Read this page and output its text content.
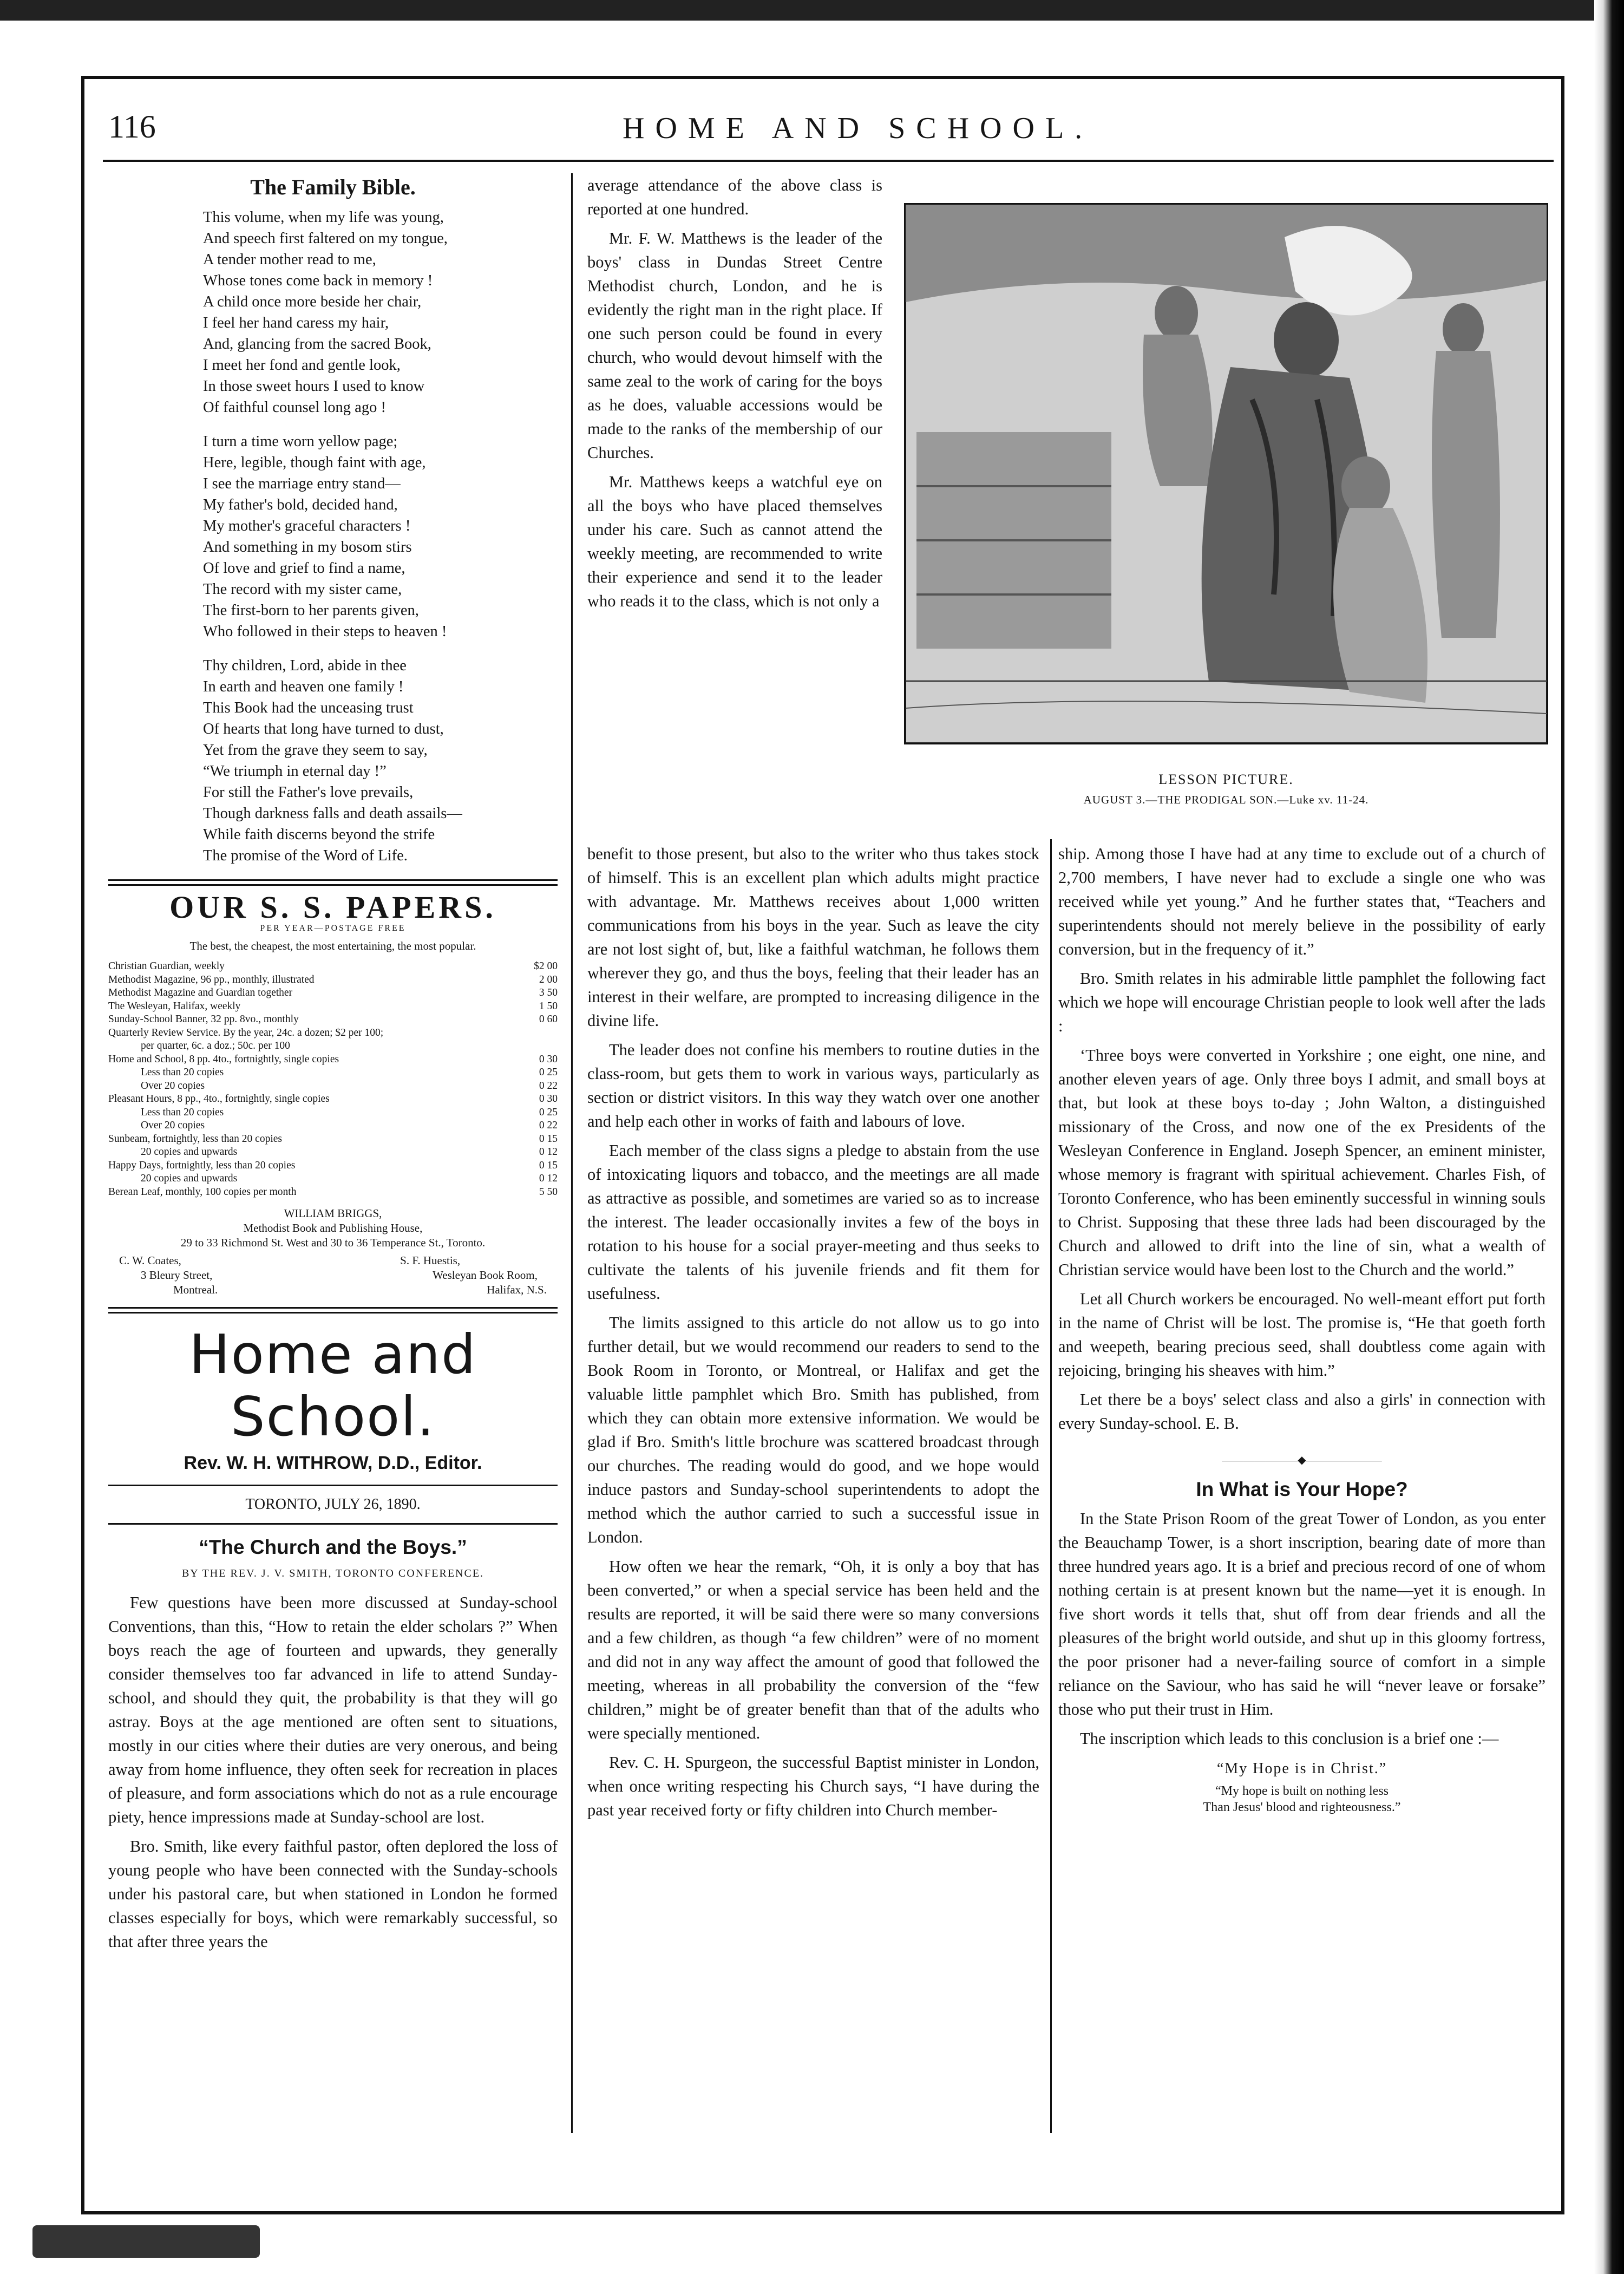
116	HOME AND SCHOOL.
The Family Bible.
This volume, when my life was young,
And speech first faltered on my tongue,
A tender mother read to me,
Whose tones come back in memory !
A child once more beside her chair,
I feel her hand caress my hair,
And, glancing from the sacred Book,
I meet her fond and gentle look,
In those sweet hours I used to know
Of faithful counsel long ago !
I turn a time worn yellow page;
Here, legible, though faint with age,
I see the marriage entry stand—
My father's bold, decided hand,
My mother's graceful characters !
And something in my bosom stirs
Of love and grief to find a name,
The record with my sister came,
The first-born to her parents given,
Who followed in their steps to heaven !
Thy children, Lord, abide in thee
In earth and heaven one family !
This Book had the unceasing trust
Of hearts that long have turned to dust,
Yet from the grave they seem to say,
“We triumph in eternal day !”
For still the Father's love prevails,
Though darkness falls and death assails—
While faith discerns beyond the strife
The promise of the Word of Life.
OUR S. S. PAPERS.
PER YEAR—POSTAGE FREE
The best, the cheapest, the most entertaining, the most popular.
Christian Guardian, weekly	$2 00
Methodist Magazine, 96 pp., monthly, illustrated	2 00
Methodist Magazine and Guardian together	3 50
The Wesleyan, Halifax, weekly	1 50
Sunday-School Banner, 32 pp. 8vo., monthly	0 60
Quarterly Review Service. By the year, 24c. a dozen; $2 per 100;
per quarter, 6c. a doz.; 50c. per 100
Home and School, 8 pp. 4to., fortnightly, single copies	0 30
Less than 20 copies	0 25
Over 20 copies	0 22
Pleasant Hours, 8 pp., 4to., fortnightly, single copies	0 30
Less than 20 copies	0 25
Over 20 copies	0 22
Sunbeam, fortnightly, less than 20 copies	0 15
20 copies and upwards	0 12
Happy Days, fortnightly, less than 20 copies	0 15
20 copies and upwards	0 12
Berean Leaf, monthly, 100 copies per month	5 50
WILLIAM BRIGGS,
Methodist Book and Publishing House,
29 to 33 Richmond St. West and 30 to 36 Temperance St., Toronto.
C. W. Coates,
3 Bleury Street,
Montreal.
S. F. Huestis,
Wesleyan Book Room,
Halifax, N.S.
Home and School.
Rev. W. H. WITHROW, D.D., Editor.
TORONTO, JULY 26, 1890.
“The Church and the Boys.”
BY THE REV. J. V. SMITH, TORONTO CONFERENCE.

Few questions have been more discussed at Sunday-school Conventions, than this, “How to retain the elder scholars ?” When boys reach the age of fourteen and upwards, they generally consider themselves too far advanced in life to attend Sunday-school, and should they quit, the probability is that they will go astray. Boys at the age mentioned are often sent to situations, mostly in our cities where their duties are very onerous, and being away from home influence, they often seek for recreation in places of pleasure, and form associations which do not as a rule encourage piety, hence impressions made at Sunday-school are lost.

Bro. Smith, like every faithful pastor, often deplored the loss of young people who have been connected with the Sunday-schools under his pastoral care, but when stationed in London he formed classes especially for boys, which were remarkably successful, so that after three years the

average attendance of the above class is reported at one hundred.

Mr. F. W. Matthews is the leader of the boys' class in Dundas Street Centre Methodist church, London, and he is evidently the right man in the right place. If one such person could be found in every church, who would devout himself with the same zeal to the work of caring for the boys as he does, valuable accessions would be made to the ranks of the membership of our Churches.

Mr. Matthews keeps a watchful eye on all the boys who have placed themselves under his care. Such as cannot attend the weekly meeting, are recommended to write their experience and send it to the leader who reads it to the class, which is not only a

LESSON PICTURE.
AUGUST 3.—THE PRODIGAL SON.—Luke xv. 11-24.

benefit to those present, but also to the writer who thus takes stock of himself. This is an excellent plan which adults might practice with advantage. Mr. Matthews receives about 1,000 written communications from his boys in the year. Such as leave the city are not lost sight of, but, like a faithful watchman, he follows them wherever they go, and thus the boys, feeling that their leader has an interest in their welfare, are prompted to increasing diligence in the divine life.

The leader does not confine his members to routine duties in the class-room, but gets them to work in various ways, particularly as section or district visitors. In this way they watch over one another and help each other in works of faith and labours of love.

Each member of the class signs a pledge to abstain from the use of intoxicating liquors and tobacco, and the meetings are all made as attractive as possible, and sometimes are varied so as to increase the interest. The leader occasionally invites a few of the boys in rotation to his house for a social prayer-meeting and thus seeks to cultivate the talents of his juvenile friends and fit them for usefulness.

The limits assigned to this article do not allow us to go into further detail, but we would recommend our readers to send to the Book Room in Toronto, or Montreal, or Halifax and get the valuable little pamphlet which Bro. Smith has published, from which they can obtain more extensive information. We would be glad if Bro. Smith's little brochure was scattered broadcast through our churches. The reading would do good, and we hope would induce pastors and Sunday-school superintendents to adopt the method which the author carried to such a successful issue in London.

How often we hear the remark, “Oh, it is only a boy that has been converted,” or when a special service has been held and the results are reported, it will be said there were so many conversions and a few children, as though “a few children” were of no moment and did not in any way affect the amount of good that followed the meeting, whereas in all probability the conversion of the “few children,” might be of greater benefit than that of the adults who were specially mentioned.

Rev. C. H. Spurgeon, the successful Baptist minister in London, when once writing respecting his Church says, “I have during the past year received forty or fifty children into Church member-

ship. Among those I have had at any time to exclude out of a church of 2,700 members, I have never had to exclude a single one who was received while yet young.” And he further states that, “Teachers and superintendents should not merely believe in the possibility of early conversion, but in the frequency of it.”

Bro. Smith relates in his admirable little pamphlet the following fact which we hope will encourage Christian people to look well after the lads :

‘Three boys were converted in Yorkshire ; one eight, one nine, and another eleven years of age. Only three boys I admit, and small boys at that, but look at these boys to-day ; John Walton, a distinguished missionary of the Cross, and now one of the ex Presidents of the Wesleyan Conference in England. Joseph Spencer, an eminent minister, whose memory is fragrant with spiritual achievement. Charles Fish, of Toronto Conference, who has been eminently successful in winning souls to Christ. Supposing that these three lads had been discouraged by the Church and allowed to drift into the line of sin, what a wealth of Christian service would have been lost to the Church and the world.”

Let all Church workers be encouraged. No well-meant effort put forth in the name of Christ will be lost. The promise is, “He that goeth forth and weepeth, bearing precious seed, shall doubtless come again with rejoicing, bringing his sheaves with him.”

Let there be a boys' select class and also a girls' in connection with every Sunday-school. E. B.

―――――――◆―――――――
In What is Your Hope?

In the State Prison Room of the great Tower of London, as you enter the Beauchamp Tower, is a short inscription, bearing date of more than three hundred years ago. It is a brief and precious record of one of whom nothing certain is at present known but the name—yet it is enough. In five short words it tells that, shut off from dear friends and all the pleasures of the bright world outside, and shut up in this gloomy fortress, the poor prisoner had a never-failing source of comfort in a simple reliance on the Saviour, who has said he will “never leave or forsake” those who put their trust in Him.

The inscription which leads to this conclusion is a brief one :—

“My Hope is in Christ.”
“My hope is built on nothing less
Than Jesus' blood and righteousness.”
